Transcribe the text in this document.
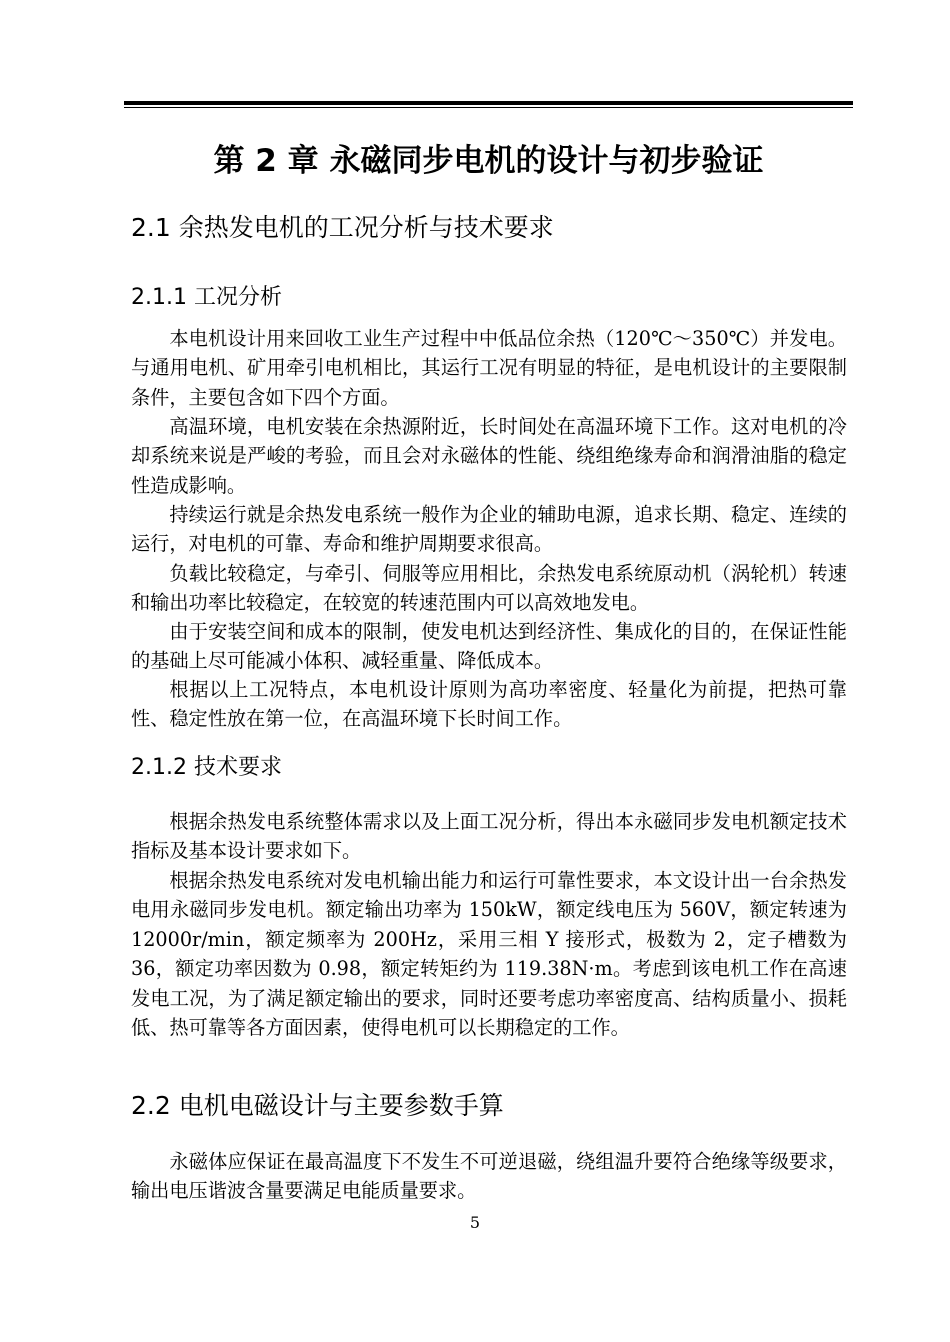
第 2 章 永磁同步电机的设计与初步验证
2.1 余热发电机的工况分析与技术要求
2.1.1 工况分析

本电机设计用来回收工业生产过程中中低品位余热（120℃～350℃）并发电。与通用电机、矿用牵引电机相比，其运行工况有明显的特征，是电机设计的主要限制条件，主要包含如下四个方面。

高温环境，电机安装在余热源附近，长时间处在高温环境下工作。这对电机的冷却系统来说是严峻的考验，而且会对永磁体的性能、绕组绝缘寿命和润滑油脂的稳定性造成影响。

持续运行就是余热发电系统一般作为企业的辅助电源，追求长期、稳定、连续的运行，对电机的可靠、寿命和维护周期要求很高。

负载比较稳定，与牵引、伺服等应用相比，余热发电系统原动机（涡轮机）转速和输出功率比较稳定，在较宽的转速范围内可以高效地发电。

由于安装空间和成本的限制，使发电机达到经济性、集成化的目的，在保证性能的基础上尽可能减小体积、减轻重量、降低成本。

根据以上工况特点，本电机设计原则为高功率密度、轻量化为前提，把热可靠性、稳定性放在第一位，在高温环境下长时间工作。

2.1.2 技术要求

根据余热发电系统整体需求以及上面工况分析，得出本永磁同步发电机额定技术指标及基本设计要求如下。

根据余热发电系统对发电机输出能力和运行可靠性要求，本文设计出一台余热发电用永磁同步发电机。额定输出功率为 150kW，额定线电压为 560V，额定转速为 12000r/min，额定频率为 200Hz，采用三相 Y 接形式，极数为 2，定子槽数为 36，额定功率因数为 0.98，额定转矩约为 119.38N·m。考虑到该电机工作在高速发电工况，为了满足额定输出的要求，同时还要考虑功率密度高、结构质量小、损耗低、热可靠等各方面因素，使得电机可以长期稳定的工作。

2.2 电机电磁设计与主要参数手算

永磁体应保证在最高温度下不发生不可逆退磁，绕组温升要符合绝缘等级要求，输出电压谐波含量要满足电能质量要求。

5
